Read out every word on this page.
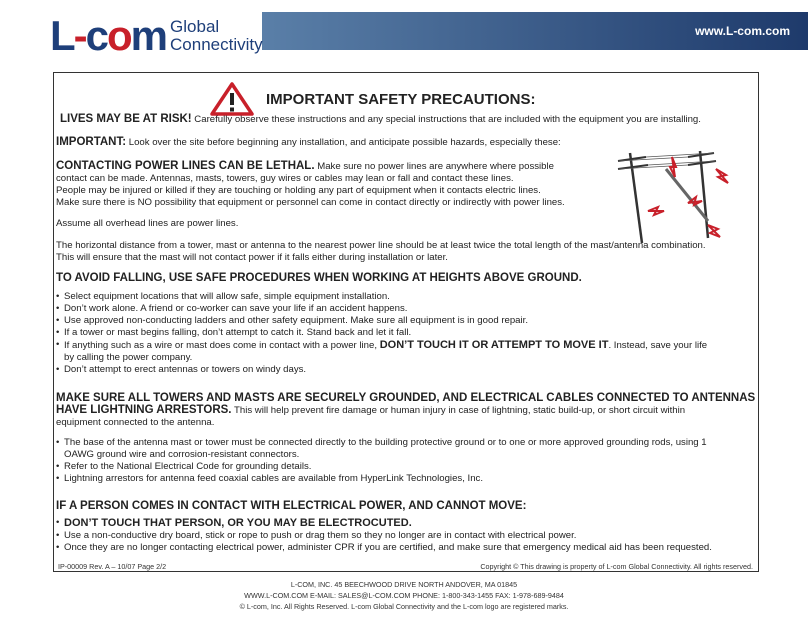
L-com Global
Connectivity
www.L-com.com
IMPORTANT SAFETY PRECAUTIONS:
LIVES MAY BE AT RISK! Carefully observe these instructions and any special instructions that are included with the equipment you are installing.
IMPORTANT: Look over the site before beginning any installation, and anticipate possible hazards, especially these:
CONTACTING POWER LINES CAN BE LETHAL. Make sure no power lines are anywhere where possible
contact can be made. Antennas, masts, towers, guy wires or cables may lean or fall and contact these lines.
People may be injured or killed if they are touching or holding any part of equipment when it contacts electric lines.
Make sure there is NO possibility that equipment or personnel can come in contact directly or indirectly with power lines.
Assume all overhead lines are power lines.
The horizontal distance from a tower, mast or antenna to the nearest power line should be at least twice the total length of the mast/antenna combination.
This will ensure that the mast will not contact power if it falls either during installation or later.
TO AVOID FALLING, USE SAFE PROCEDURES WHEN WORKING AT HEIGHTS ABOVE GROUND.
• Select equipment locations that will allow safe, simple equipment installation.
• Don’t work alone. A friend or co-worker can save your life if an accident happens.
• Use approved non-conducting ladders and other safety equipment. Make sure all equipment is in good repair.
• If a tower or mast begins falling, don’t attempt to catch it. Stand back and let it fall.
• If anything such as a wire or mast does come in contact with a power line, DON’T TOUCH IT OR ATTEMPT TO MOVE IT. Instead, save your life
by calling the power company.
• Don’t attempt to erect antennas or towers on windy days.
MAKE SURE ALL TOWERS AND MASTS ARE SECURELY GROUNDED, AND ELECTRICAL CABLES CONNECTED TO ANTENNAS
HAVE LIGHTNING ARRESTORS. This will help prevent fire damage or human injury in case of lightning, static build-up, or short circuit within
equipment connected to the antenna.
• The base of the antenna mast or tower must be connected directly to the building protective ground or to one or more approved grounding rods, using 1
OAWG ground wire and corrosion-resistant connectors.
• Refer to the National Electrical Code for grounding details.
• Lightning arrestors for antenna feed coaxial cables are available from HyperLink Technologies, Inc.
IF A PERSON COMES IN CONTACT WITH ELECTRICAL POWER, AND CANNOT MOVE:
• DON’T TOUCH THAT PERSON, OR YOU MAY BE ELECTROCUTED.
• Use a non-conductive dry board, stick or rope to push or drag them so they no longer are in contact with electrical power.
• Once they are no longer contacting electrical power, administer CPR if you are certified, and make sure that emergency medical aid has been requested.
IP-00009 Rev. A – 10/07 Page 2/2	Copyright © This drawing is property of L-com Global Connectivity. All rights reserved.
L-COM, INC. 45 BEECHWOOD DRIVE NORTH ANDOVER, MA 01845
WWW.L-COM.COM E-MAIL: SALES@L-COM.COM PHONE: 1-800-343-1455 FAX: 1-978-689-9484
© L-com, Inc. All Rights Reserved. L-com Global Connectivity and the L-com logo are registered marks.
